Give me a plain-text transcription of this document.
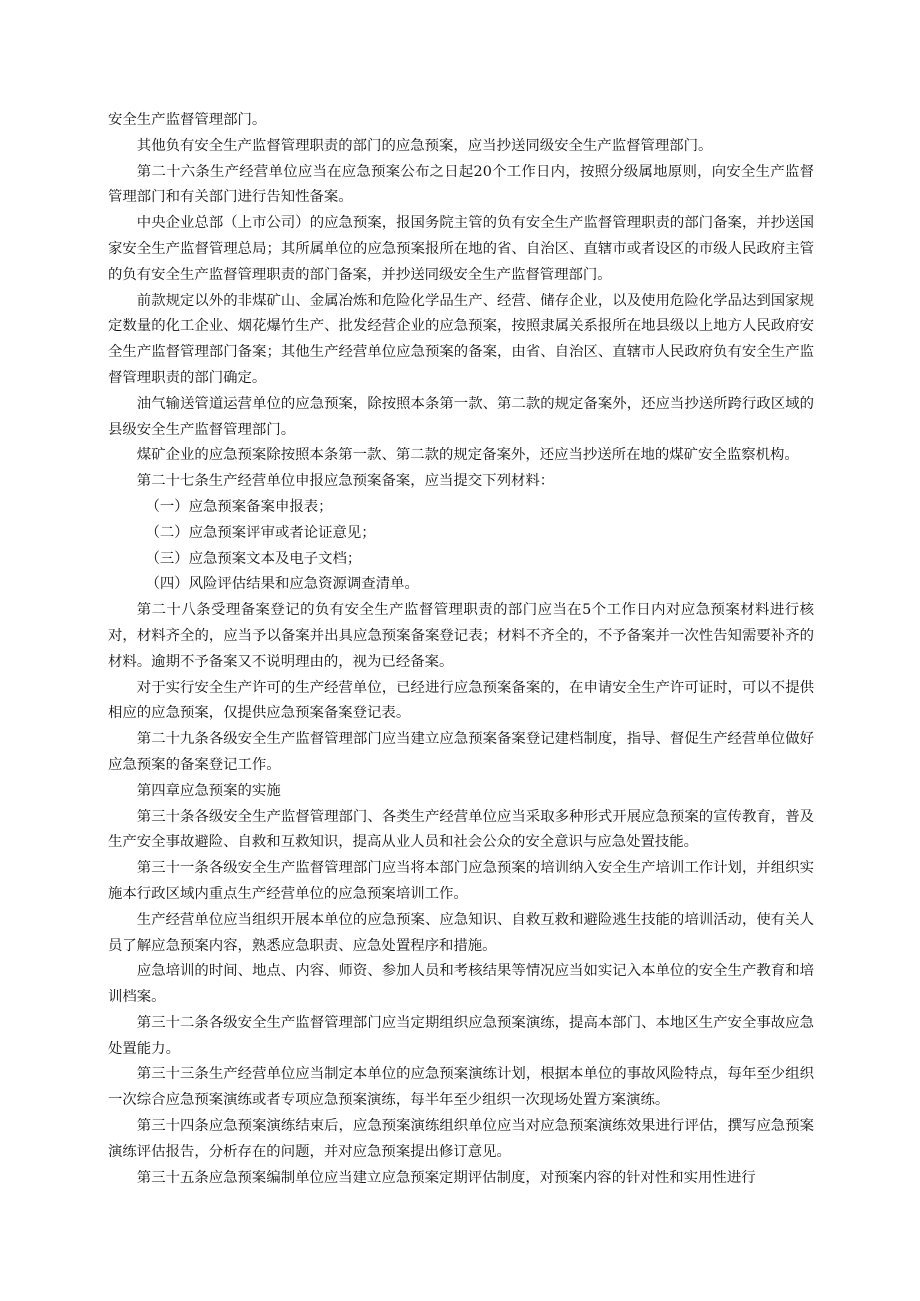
安全生产监督管理部门。

其他负有安全生产监督管理职责的部门的应急预案，应当抄送同级安全生产监督管理部门。

第二十六条生产经营单位应当在应急预案公布之日起20个工作日内，按照分级属地原则，向安全生产监督管理部门和有关部门进行告知性备案。

中央企业总部（上市公司）的应急预案，报国务院主管的负有安全生产监督管理职责的部门备案，并抄送国家安全生产监督管理总局；其所属单位的应急预案报所在地的省、自治区、直辖市或者设区的市级人民政府主管的负有安全生产监督管理职责的部门备案，并抄送同级安全生产监督管理部门。

前款规定以外的非煤矿山、金属冶炼和危险化学品生产、经营、储存企业，以及使用危险化学品达到国家规定数量的化工企业、烟花爆竹生产、批发经营企业的应急预案，按照隶属关系报所在地县级以上地方人民政府安全生产监督管理部门备案；其他生产经营单位应急预案的备案，由省、自治区、直辖市人民政府负有安全生产监督管理职责的部门确定。

油气输送管道运营单位的应急预案，除按照本条第一款、第二款的规定备案外，还应当抄送所跨行政区域的县级安全生产监督管理部门。

煤矿企业的应急预案除按照本条第一款、第二款的规定备案外，还应当抄送所在地的煤矿安全监察机构。

第二十七条生产经营单位申报应急预案备案，应当提交下列材料：

（一）应急预案备案申报表；

（二）应急预案评审或者论证意见；

（三）应急预案文本及电子文档；

（四）风险评估结果和应急资源调查清单。

第二十八条受理备案登记的负有安全生产监督管理职责的部门应当在5个工作日内对应急预案材料进行核对，材料齐全的，应当予以备案并出具应急预案备案登记表；材料不齐全的，不予备案并一次性告知需要补齐的材料。逾期不予备案又不说明理由的，视为已经备案。

对于实行安全生产许可的生产经营单位，已经进行应急预案备案的，在申请安全生产许可证时，可以不提供相应的应急预案，仅提供应急预案备案登记表。

第二十九条各级安全生产监督管理部门应当建立应急预案备案登记建档制度，指导、督促生产经营单位做好应急预案的备案登记工作。

第四章应急预案的实施

第三十条各级安全生产监督管理部门、各类生产经营单位应当采取多种形式开展应急预案的宣传教育，普及生产安全事故避险、自救和互救知识，提高从业人员和社会公众的安全意识与应急处置技能。

第三十一条各级安全生产监督管理部门应当将本部门应急预案的培训纳入安全生产培训工作计划，并组织实施本行政区域内重点生产经营单位的应急预案培训工作。

生产经营单位应当组织开展本单位的应急预案、应急知识、自救互救和避险逃生技能的培训活动，使有关人员了解应急预案内容，熟悉应急职责、应急处置程序和措施。

应急培训的时间、地点、内容、师资、参加人员和考核结果等情况应当如实记入本单位的安全生产教育和培训档案。

第三十二条各级安全生产监督管理部门应当定期组织应急预案演练，提高本部门、本地区生产安全事故应急处置能力。

第三十三条生产经营单位应当制定本单位的应急预案演练计划，根据本单位的事故风险特点，每年至少组织一次综合应急预案演练或者专项应急预案演练，每半年至少组织一次现场处置方案演练。

第三十四条应急预案演练结束后，应急预案演练组织单位应当对应急预案演练效果进行评估，撰写应急预案演练评估报告，分析存在的问题，并对应急预案提出修订意见。

第三十五条应急预案编制单位应当建立应急预案定期评估制度，对预案内容的针对性和实用性进行
